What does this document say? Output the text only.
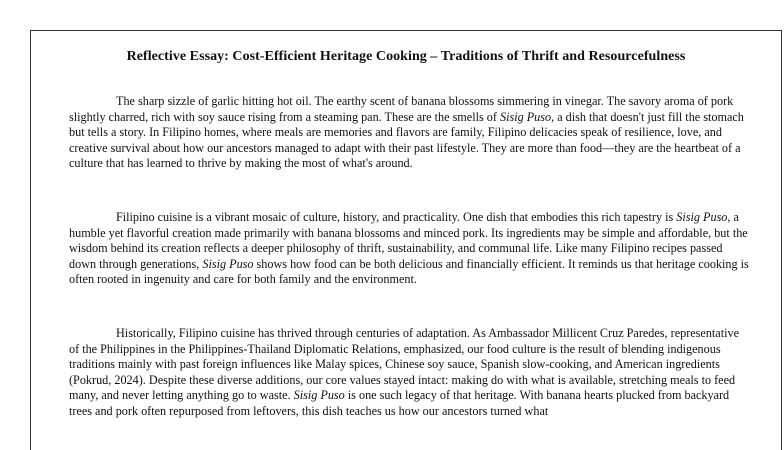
Reflective Essay: Cost-Efficient Heritage Cooking – Traditions of Thrift and Resourcefulness

The sharp sizzle of garlic hitting hot oil. The earthy scent of banana blossoms simmering in vinegar. The savory aroma of pork slightly charred, rich with soy sauce rising from a steaming pan. These are the smells of Sisig Puso, a dish that doesn't just fill the stomach but tells a story. In Filipino homes, where meals are memories and flavors are family, Filipino delicacies speak of resilience, love, and creative survival about how our ancestors managed to adapt with their past lifestyle. They are more than food—they are the heartbeat of a culture that has learned to thrive by making the most of what's around.

Filipino cuisine is a vibrant mosaic of culture, history, and practicality. One dish that embodies this rich tapestry is Sisig Puso, a humble yet flavorful creation made primarily with banana blossoms and minced pork. Its ingredients may be simple and affordable, but the wisdom behind its creation reflects a deeper philosophy of thrift, sustainability, and communal life. Like many Filipino recipes passed down through generations, Sisig Puso shows how food can be both delicious and financially efficient. It reminds us that heritage cooking is often rooted in ingenuity and care for both family and the environment.

Historically, Filipino cuisine has thrived through centuries of adaptation. As Ambassador Millicent Cruz Paredes, representative of the Philippines in the Philippines-Thailand Diplomatic Relations, emphasized, our food culture is the result of blending indigenous traditions mainly with past foreign influences like Malay spices, Chinese soy sauce, Spanish slow-cooking, and American ingredients (Pokrud, 2024). Despite these diverse additions, our core values stayed intact: making do with what is available, stretching meals to feed many, and never letting anything go to waste. Sisig Puso is one such legacy of that heritage. With banana hearts plucked from backyard trees and pork often repurposed from leftovers, this dish teaches us how our ancestors turned what
